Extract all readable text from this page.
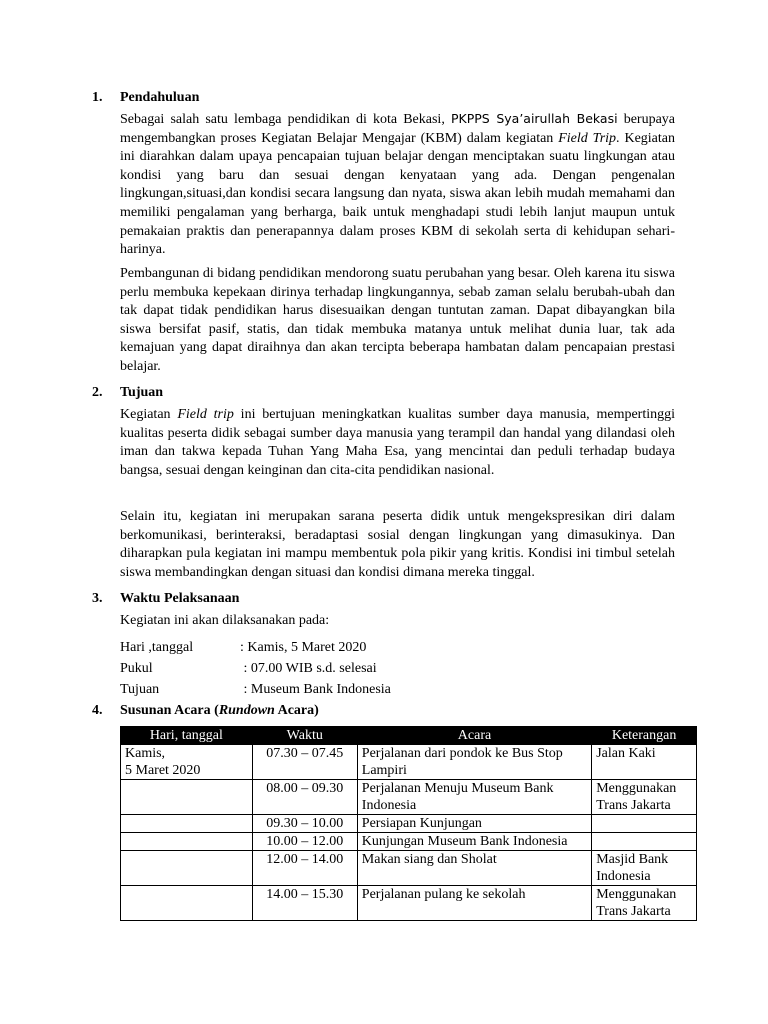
1. Pendahuluan
Sebagai salah satu lembaga pendidikan di kota Bekasi, PKPPS Sya’airullah Bekasi berupaya mengembangkan proses Kegiatan Belajar Mengajar (KBM) dalam kegiatan Field Trip. Kegiatan ini diarahkan dalam upaya pencapaian tujuan belajar dengan menciptakan suatu lingkungan atau kondisi yang baru dan sesuai dengan kenyataan yang ada. Dengan pengenalan lingkungan,situasi,dan kondisi secara langsung dan nyata, siswa akan lebih mudah memahami dan memiliki pengalaman yang berharga, baik untuk menghadapi studi lebih lanjut maupun untuk pemakaian praktis dan penerapannya dalam proses KBM di sekolah serta di kehidupan sehari-harinya.
Pembangunan di bidang pendidikan mendorong suatu perubahan yang besar. Oleh karena itu siswa perlu membuka kepekaan dirinya terhadap lingkungannya, sebab zaman selalu berubah-ubah dan tak dapat tidak pendidikan harus disesuaikan dengan tuntutan zaman. Dapat dibayangkan bila siswa bersifat pasif, statis, dan tidak membuka matanya untuk melihat dunia luar, tak ada kemajuan yang dapat diraihnya dan akan tercipta beberapa hambatan dalam pencapaian prestasi belajar.
2. Tujuan
Kegiatan Field trip ini bertujuan meningkatkan kualitas sumber daya manusia, mempertinggi kualitas peserta didik sebagai sumber daya manusia yang terampil dan handal yang dilandasi oleh iman dan takwa kepada Tuhan Yang Maha Esa, yang mencintai dan peduli terhadap budaya bangsa, sesuai dengan keinginan dan cita-cita pendidikan nasional.
Selain itu, kegiatan ini merupakan sarana peserta didik untuk mengekspresikan diri dalam berkomunikasi, berinteraksi, beradaptasi sosial dengan lingkungan yang dimasukinya. Dan diharapkan pula kegiatan ini mampu membentuk pola pikir yang kritis. Kondisi ini timbul setelah siswa membandingkan dengan situasi dan kondisi dimana mereka tinggal.
3. Waktu Pelaksanaan
Kegiatan ini akan dilaksanakan pada:
Hari ,tanggal	: Kamis, 5 Maret 2020
Pukul	: 07.00 WIB s.d. selesai
Tujuan	: Museum Bank Indonesia
4. Susunan Acara (Rundown Acara)
Hari, tanggal	Waktu	Acara	Keterangan

Kamis,
5 Maret 2020	07.30 – 07.45	Perjalanan dari pondok ke Bus Stop Lampiri	Jalan Kaki
	08.00 – 09.30	Perjalanan Menuju Museum Bank Indonesia	Menggunakan Trans Jakarta
	09.30 – 10.00	Persiapan Kunjungan	
	10.00 – 12.00	Kunjungan Museum Bank Indonesia	
	12.00 – 14.00	Makan siang dan Sholat	Masjid Bank Indonesia
	14.00 – 15.30	Perjalanan pulang ke sekolah	Menggunakan Trans Jakarta
